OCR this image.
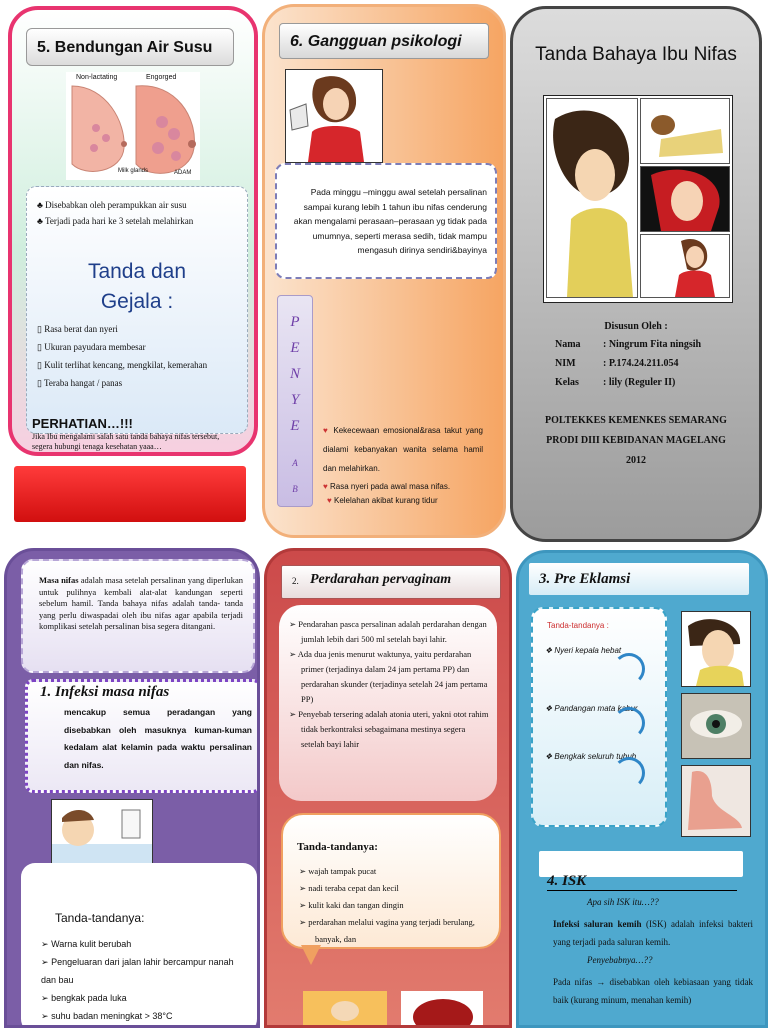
5. Bendungan Air Susu
Non-lactating	Engorged
Milk glands	ADAM
♣ Disebabkan oleh perampukkan air susu
♣ Terjadi pada hari ke 3 setelah melahirkan
Tanda dan Gejala :
▯ Rasa berat dan nyeri
▯ Ukuran payudara membesar
▯ Kulit terlihat kencang, mengkilat, kemerahan
▯ Teraba hangat / panas
PERHATIAN…!!!
Jika Ibu mengalami salah satu tanda bahaya nifas tersebut, segera hubungi tenaga kesehatan yaaa…
6. Gangguan psikologi
Pada minggu –minggu awal setelah persalinan sampai kurang lebih 1 tahun ibu nifas cenderung akan mengalami perasaan–perasaan yg tidak pada umumnya, seperti merasa sedih, tidak mampu mengasuh dirinya sendiri&bayinya
P
E
N
Y
E
A
B
♥ Kekecewaan emosional&rasa takut yang dialami kebanyakan wanita selama hamil dan melahirkan.
♥ Rasa nyeri pada awal masa nifas.
♥ Kelelahan akibat kurang tidur
Tanda Bahaya Ibu Nifas
Disusun Oleh :
Nama : Ningrum Fita ningsih
NIM	: P.174.24.211.054
Kelas : lily (Reguler II)
POLTEKKES KEMENKES SEMARANG
PRODI DIII KEBIDANAN MAGELANG
2012
Masa nifas adalah masa setelah persalinan yang diperlukan untuk pulihnya kembali alat-alat kandungan seperti sebelum hamil. Tanda bahaya nifas adalah tanda- tanda yang perlu diwaspadai oleh ibu nifas agar apabila terjadi komplikasi setelah persalinan bisa segera ditangani.
1. Infeksi masa nifas
mencakup semua peradangan yang disebabkan oleh masuknya kuman-kuman kedalam alat kelamin pada waktu persalinan dan nifas.
Tanda-tandanya:
➢ Warna kulit berubah
➢ Pengeluaran dari jalan lahir bercampur nanah dan bau
➢ bengkak pada luka
➢ suhu badan meningkat > 38°C
2. Perdarahan pervaginam
➢ Pendarahan pasca persalinan adalah perdarahan dengan jumlah lebih dari 500 ml setelah bayi lahir.
➢ Ada dua jenis menurut waktunya, yaitu perdarahan primer (terjadinya dalam 24 jam pertama PP) dan perdarahan skunder (terjadinya setelah 24 jam pertama PP)
➢ Penyebab tersering adalah atonia uteri, yakni otot rahim tidak berkontraksi sebagaimana mestinya segera setelah bayi lahir
Tanda-tandanya:
➢ wajah tampak pucat
➢ nadi teraba cepat dan kecil
➢ kulit kaki dan tangan dingin
➢ perdarahan melalui vagina yang terjadi berulang, banyak, dan
3. Pre Eklamsi
Tanda-tandanya :
❖ Nyeri kepala hebat
❖ Pandangan mata kabur
❖ Bengkak seluruh tubuh
4. ISK
Apa sih ISK itu…??
Infeksi saluran kemih (ISK) adalah infeksi bakteri yang terjadi pada saluran kemih.
Penyebabnya…??
Pada nifas → disebabkan oleh kebiasaan yang tidak baik (kurang minum, menahan kemih)
